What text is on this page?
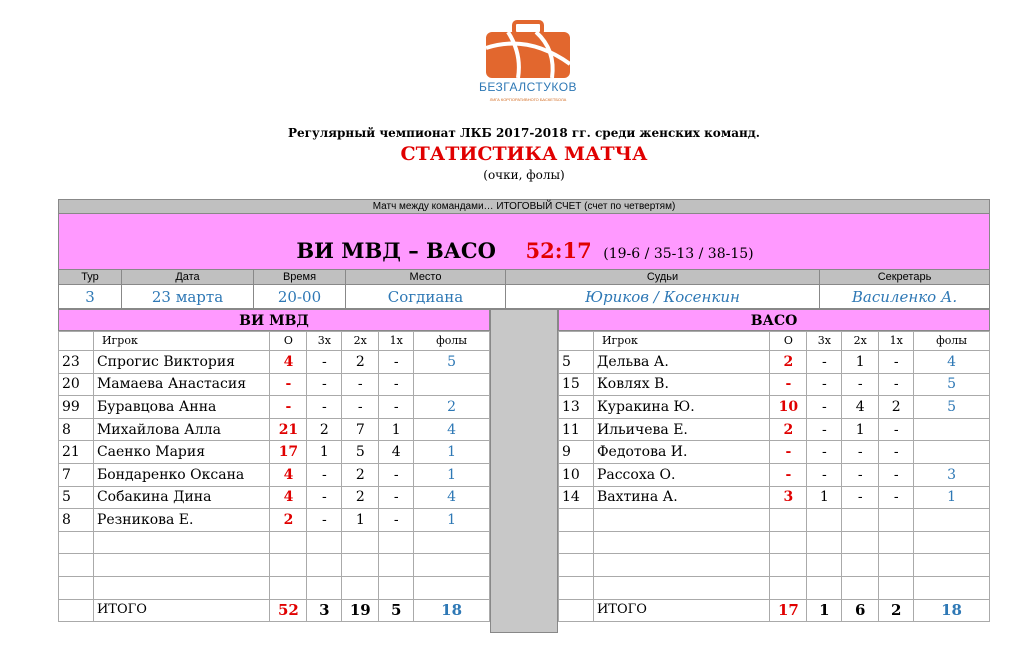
БЕЗГАЛСТУКОВ
ЛИГА КОРПОРАТИВНОГО БАСКЕТБОЛА
Регулярный чемпионат ЛКБ 2017-2018 гг. среди женских команд.
СТАТИСТИКА МАТЧА
(очки, фолы)
Матч между командами… ИТОГОВЫЙ СЧЕТ (счет по четвертям)
ВИ МВД – ВАСО 52:17 (19-6 / 35-13 / 38-15)
Тур	Дата	Время	Место	Судьи	Секретарь
3	23 марта	20-00	Согдиана	Юриков / Косенкин	Василенко А.
ВИ МВД	ВАСО
	Игрок	О	3х	2х	1х	фолы
23	Спрогис Виктория	4	-	2	-	5
20	Мамаева Анастасия	-	-	-	-	
99	Буравцова Анна	-	-	-	-	2
8	Михайлова Алла	21	2	7	1	4
21	Саенко Мария	17	1	5	4	1
7	Бондаренко Оксана	4	-	2	-	1
5	Собакина Дина	4	-	2	-	4
8	Резникова Е.	2	-	1	-	1

	ИТОГО	52	3	19	5	18
	Игрок	О	3х	2х	1х	фолы
5	Дельва А.	2	-	1	-	4
15	Ковлях В.	-	-	-	-	5
13	Куракина Ю.	10	-	4	2	5
11	Ильичева Е.	2	-	1	-	
9	Федотова И.	-	-	-	-	
10	Рассоха О.	-	-	-	-	3
14	Вахтина А.	3	1	-	-	1

	ИТОГО	17	1	6	2	18
